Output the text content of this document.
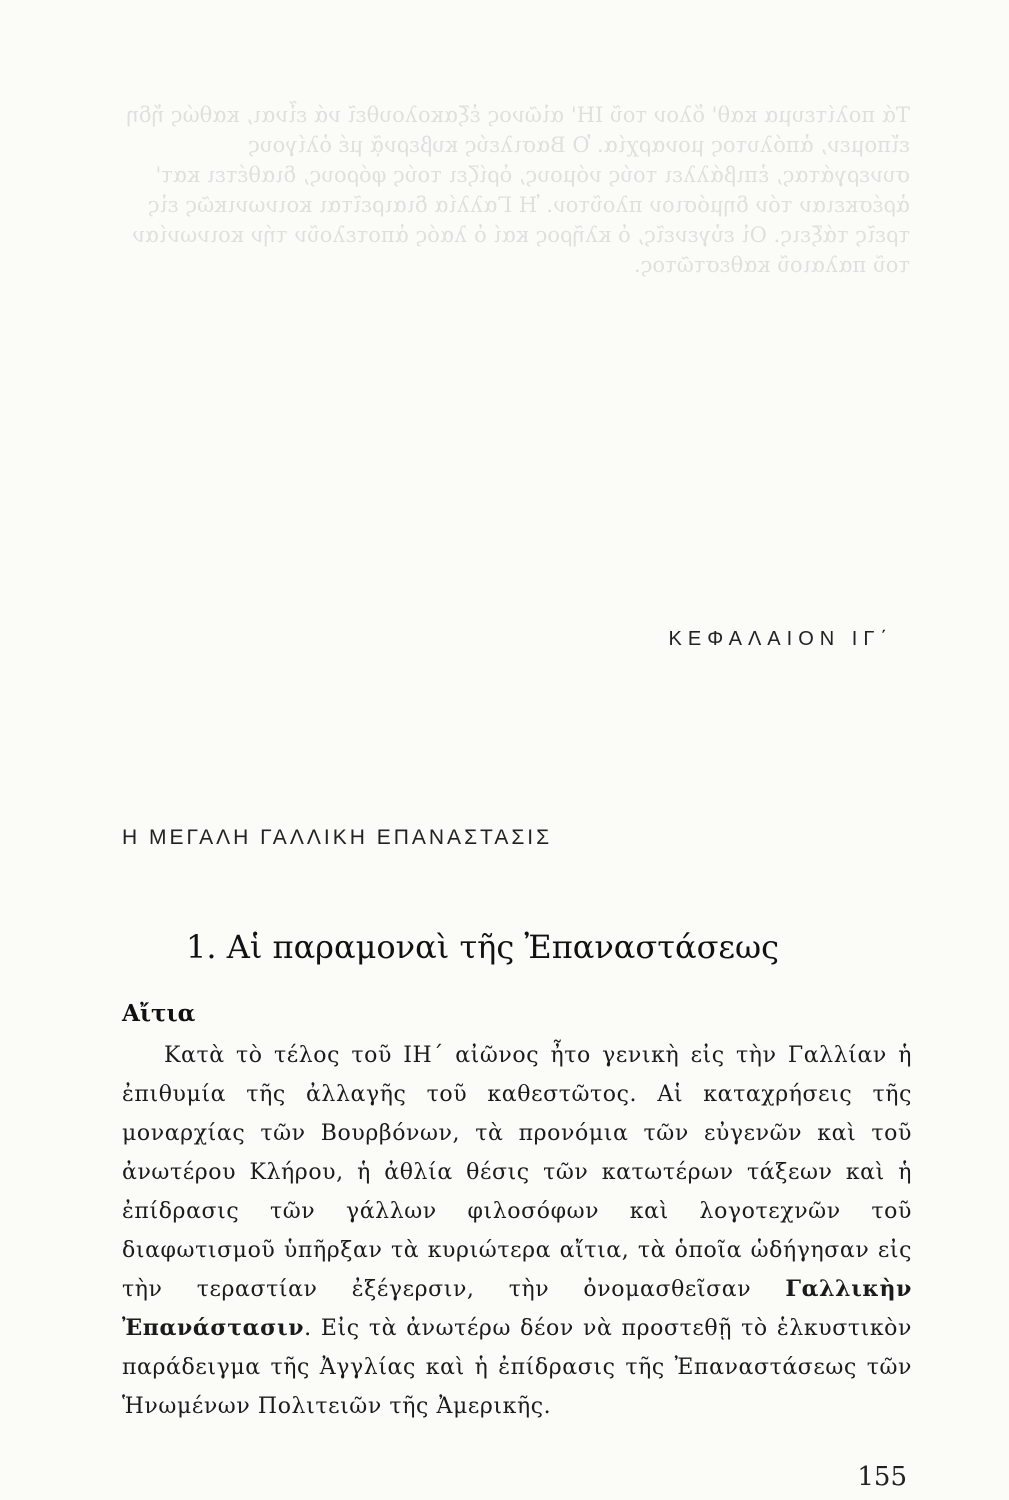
Τά πολίτευμα καθ' ὅλον τοῦ ΙΗ' αἰῶνος ἐξακολουθεῖ νά εἶναι, καθώς ἤδη εἴπομεν, ἀπόλυτος μοναρχία. Ὁ Βασιλεύς κυβερνᾷ μέ ὀλίγους συνεργάτας, ἐπιβάλλει τούς νόμους, ὁρίζει τούς φόρους, διαθέτει κατ' ἀρέσκειαν τόν δημόσιον πλοῦτον. Ἡ Γαλλία διαιρεῖται κοινωνικῶς εἰς τρεῖς τάξεις. Οἱ εὐγενεῖς, ὁ κλῆρος καί ὁ λαός ἀποτελοῦν τήν κοινωνίαν τοῦ παλαιοῦ καθεστῶτος.
ΚΕΦΑΛΑΙΟΝ ΙΓ΄
Η ΜΕΓΑΛΗ ΓΑΛΛΙΚΗ ΕΠΑΝΑΣΤΑΣΙΣ
1. Αἱ παραμοναὶ τῆς Ἐπαναστάσεως
Αἴτια

Κατὰ τὸ τέλος τοῦ ΙΗ΄ αἰῶνος ἦτο γενικὴ εἰς τὴν Γαλλίαν ἡ ἐπιθυμία τῆς ἀλλαγῆς τοῦ καθεστῶτος. Αἱ καταχρήσεις τῆς μοναρχίας τῶν Βουρβόνων, τὰ προνόμια τῶν εὐγενῶν καὶ τοῦ ἀνωτέρου Κλήρου, ἡ ἀθλία θέσις τῶν κατωτέρων τάξεων καὶ ἡ ἐπίδρασις τῶν γάλλων φιλοσόφων καὶ λογοτεχνῶν τοῦ διαφωτισμοῦ ὑπῆρξαν τὰ κυριώτερα αἴτια, τὰ ὁποῖα ὡδήγησαν εἰς τὴν τεραστίαν ἐξέγερσιν, τὴν ὀνομασθεῖσαν Γαλλικὴν Ἐπανάστασιν. Εἰς τὰ ἀνωτέρω δέον νὰ προστεθῇ τὸ ἑλκυστικὸν παράδειγμα τῆς Ἀγγλίας καὶ ἡ ἐπίδρασις τῆς Ἐπαναστάσεως τῶν Ἡνωμένων Πολιτειῶν τῆς Ἀμερικῆς.

155
